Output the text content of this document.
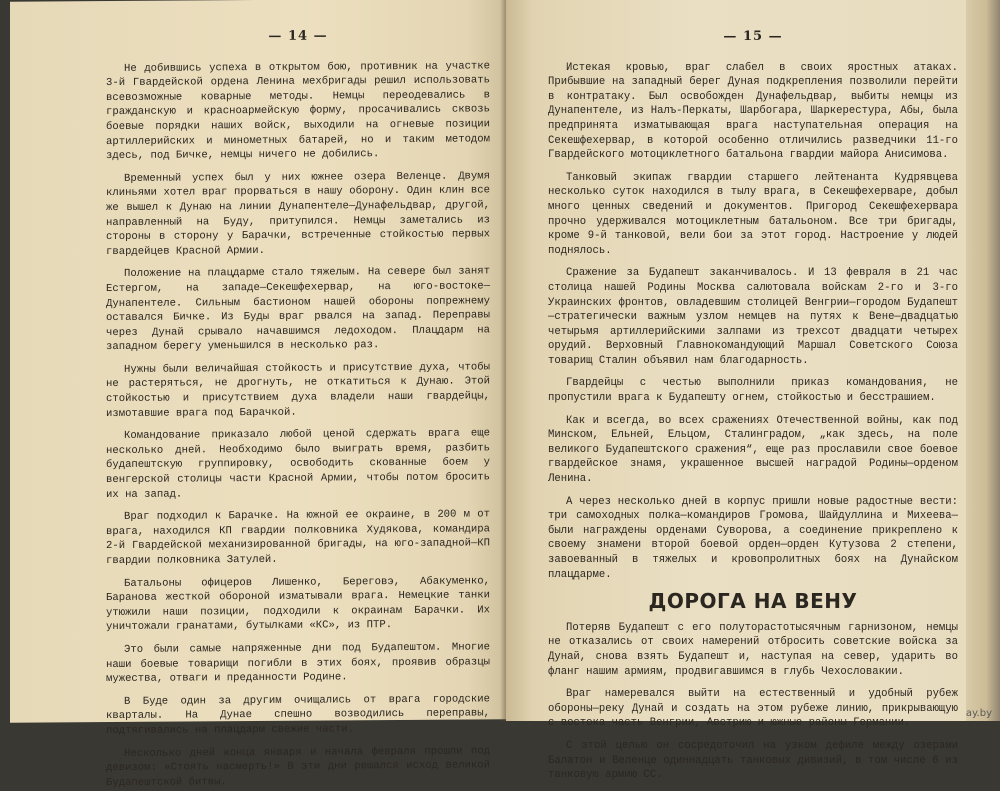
— 14 —

Не добившись успеха в открытом бою, противник на участке 3-й Гвардейской ордена Ленина мехбригады решил использовать всевозможные коварные методы. Немцы переодевались в гражданскую и красноармейскую форму, просачивались сквозь боевые порядки наших войск, выходили на огневые позиции артиллерийских и минометных батарей, но и таким методом здесь, под Бичке, немцы ничего не добились.

Временный успех был у них южнее озера Веленце. Двумя клиньями хотел враг прорваться в нашу оборону. Один клин все же вышел к Дунаю на линии Дунапентеле—Дунафельдвар, другой, направленный на Буду, притупился. Немцы заметались из стороны в сторону у Барачки, встреченные стойкостью первых гвардейцев Красной Армии.

Положение на плацдарме стало тяжелым. На севере был занят Естергом, на западе—Секешфехервар, на юго-востоке—Дунапентеле. Сильным бастионом нашей обороны попрежнему оставался Бичке. Из Буды враг рвался на запад. Переправы через Дунай срывало начавшимся ледоходом. Плацдарм на западном берегу уменьшился в несколько раз.

Нужны были величайшая стойкость и присутствие духа, чтобы не растеряться, не дрогнуть, не откатиться к Дунаю. Этой стойкостью и присутствием духа владели наши гвардейцы, измотавшие врага под Барачкой.

Командование приказало любой ценой сдержать врага еще несколько дней. Необходимо было выиграть время, разбить будапештскую группировку, освободить скованные боем у венгерской столицы части Красной Армии, чтобы потом бросить их на запад.

Враг подходил к Барачке. На южной ее окраине, в 200 м от врага, находился КП гвардии полковника Худякова, командира 2-й Гвардейской механизированной бригады, на юго-западной—КП гвардии полковника Затулей.

Батальоны офицеров Лишенко, Береговэ, Абакуменко, Баранова жесткой обороной изматывали врага. Немецкие танки утюжили наши позиции, подходили к окраинам Барачки. Их уничтожали гранатами, бутылками «КС», из ПТР.

Это были самые напряженные дни под Будапештом. Многие наши боевые товарищи погибли в этих боях, проявив образцы мужества, отваги и преданности Родине.

В Буде один за другим очищались от врага городские кварталы. На Дунае спешно возводились переправы, подтягивались на плацдарм свежие части.

Несколько дней конца января и начала февраля прошли под девизом: «Стоять насмерть!» В эти дни решался исход великой Будапештской битвы.

— 15 —

Истекая кровью, враг слабел в своих яростных атаках. Прибывшие на западный берег Дуная подкрепления позволили перейти в контратаку. Был освобожден Дунафельдвар, выбиты немцы из Дунапентеле, из Налъ-Перкаты, Шарбогара, Шаркерестура, Абы, была предпринята изматывающая врага наступательная операция на Секешфехервар, в которой особенно отличились разведчики 11-го Гвардейского мотоциклетного батальона гвардии майора Анисимова.

Танковый экипаж гвардии старшего лейтенанта Кудрявцева несколько суток находился в тылу врага, в Секешфехерваре, добыл много ценных сведений и документов. Пригород Секешфехервара прочно удерживался мотоциклетным батальоном. Все три бригады, кроме 9-й танковой, вели бои за этот город. Настроение у людей поднялось.

Сражение за Будапешт заканчивалось. И 13 февраля в 21 час столица нашей Родины Москва салютовала войскам 2-го и 3-го Украинских фронтов, овладевшим столицей Венгрии—городом Будапешт—стратегически важным узлом немцев на путях к Вене—двадцатью четырьмя артиллерийскими залпами из трехсот двадцати четырех орудий. Верховный Главнокомандующий Маршал Советского Союза товарищ Сталин объявил нам благодарность.

Гвардейцы с честью выполнили приказ командования, не пропустили врага к Будапешту огнем, стойкостью и бесстрашием.

Как и всегда, во всех сражениях Отечественной войны, как под Минском, Ельней, Ельцом, Сталинградом, „как здесь, на поле великого Будапештского сражения“, еще раз прославили свое боевое гвардейское знамя, украшенное высшей наградой Родины—орденом Ленина.

А через несколько дней в корпус пришли новые радостные вести: три самоходных полка—командиров Громова, Шайдуллина и Михеева—были награждены орденами Суворова, а соединение прикреплено к своему знамени второй боевой орден—орден Кутузова 2 степени, завоеванный в тяжелых и кровопролитных боях на Дунайском плацдарме.

ДОРОГА НА ВЕНУ

Потеряв Будапешт с его полуторастотысячным гарнизоном, немцы не отказались от своих намерений отбросить советские войска за Дунай, снова взять Будапешт и, наступая на север, ударить во фланг нашим армиям, продвигавшимся в глубь Чехословакии.

Враг намеревался выйти на естественный и удобный рубеж обороны—реку Дунай и создать на этом рубеже линию, прикрывающую с востока часть Венгрии, Австрию и южные районы Германии.

С этой целью он сосредоточил на узком дефиле между озерами Балатон и Веленце одиннадцать танковых дивизий, в том числе 6 из танковую армию СС.

ay.by
